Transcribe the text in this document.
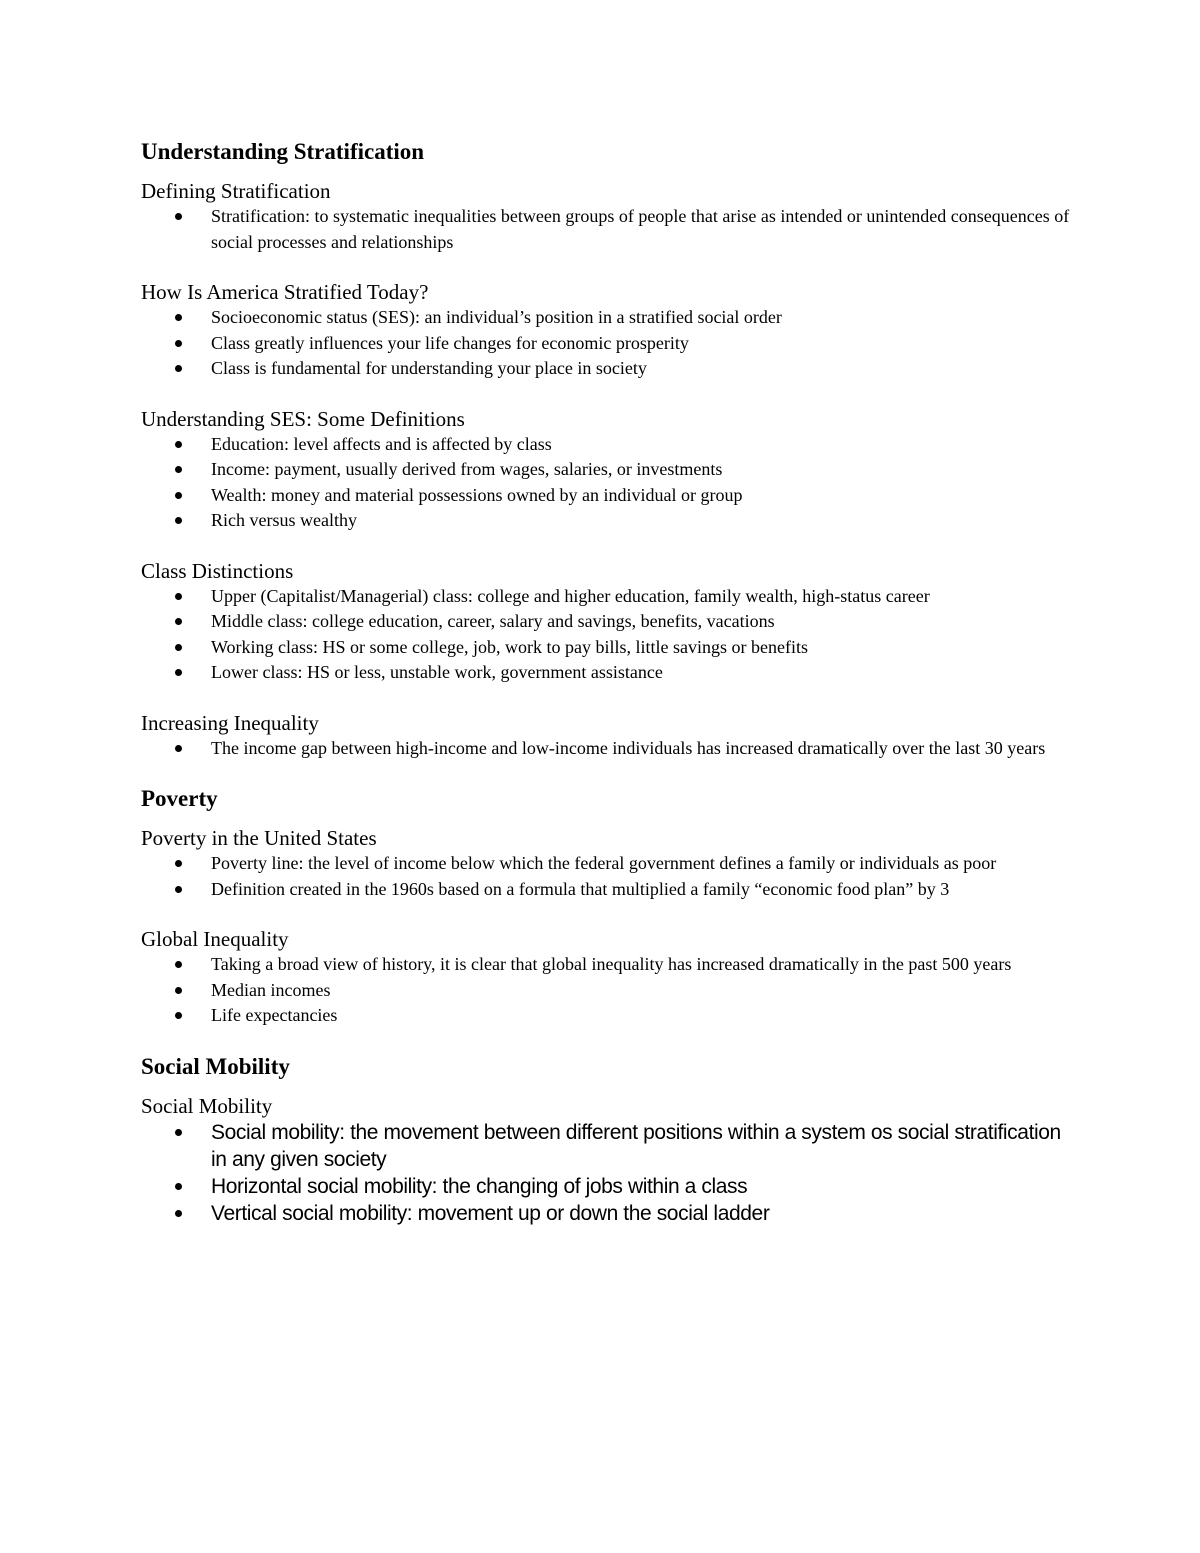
Understanding Stratification
Defining Stratification
Stratification: to systematic inequalities between groups of people that arise as intended or unintended consequences of social processes and relationships
How Is America Stratified Today?
Socioeconomic status (SES): an individual’s position in a stratified social order
Class greatly influences your life changes for economic prosperity
Class is fundamental for understanding your place in society
Understanding SES: Some Definitions
Education: level affects and is affected by class
Income: payment, usually derived from wages, salaries, or investments
Wealth: money and material possessions owned by an individual or group
Rich versus wealthy
Class Distinctions
Upper (Capitalist/Managerial) class: college and higher education, family wealth, high-status career
Middle class: college education, career, salary and savings, benefits, vacations
Working class: HS or some college, job, work to pay bills, little savings or benefits
Lower class: HS or less, unstable work, government assistance
Increasing Inequality
The income gap between high-income and low-income individuals has increased dramatically over the last 30 years
Poverty
Poverty in the United States
Poverty line: the level of income below which the federal government defines a family or individuals as poor
Definition created in the 1960s based on a formula that multiplied a family “economic food plan” by 3
Global Inequality
Taking a broad view of history, it is clear that global inequality has increased dramatically in the past 500 years
Median incomes
Life expectancies
Social Mobility
Social Mobility
Social mobility: the movement between different positions within a system os social stratification in any given society
Horizontal social mobility: the changing of jobs within a class
Vertical social mobility: movement up or down the social ladder
